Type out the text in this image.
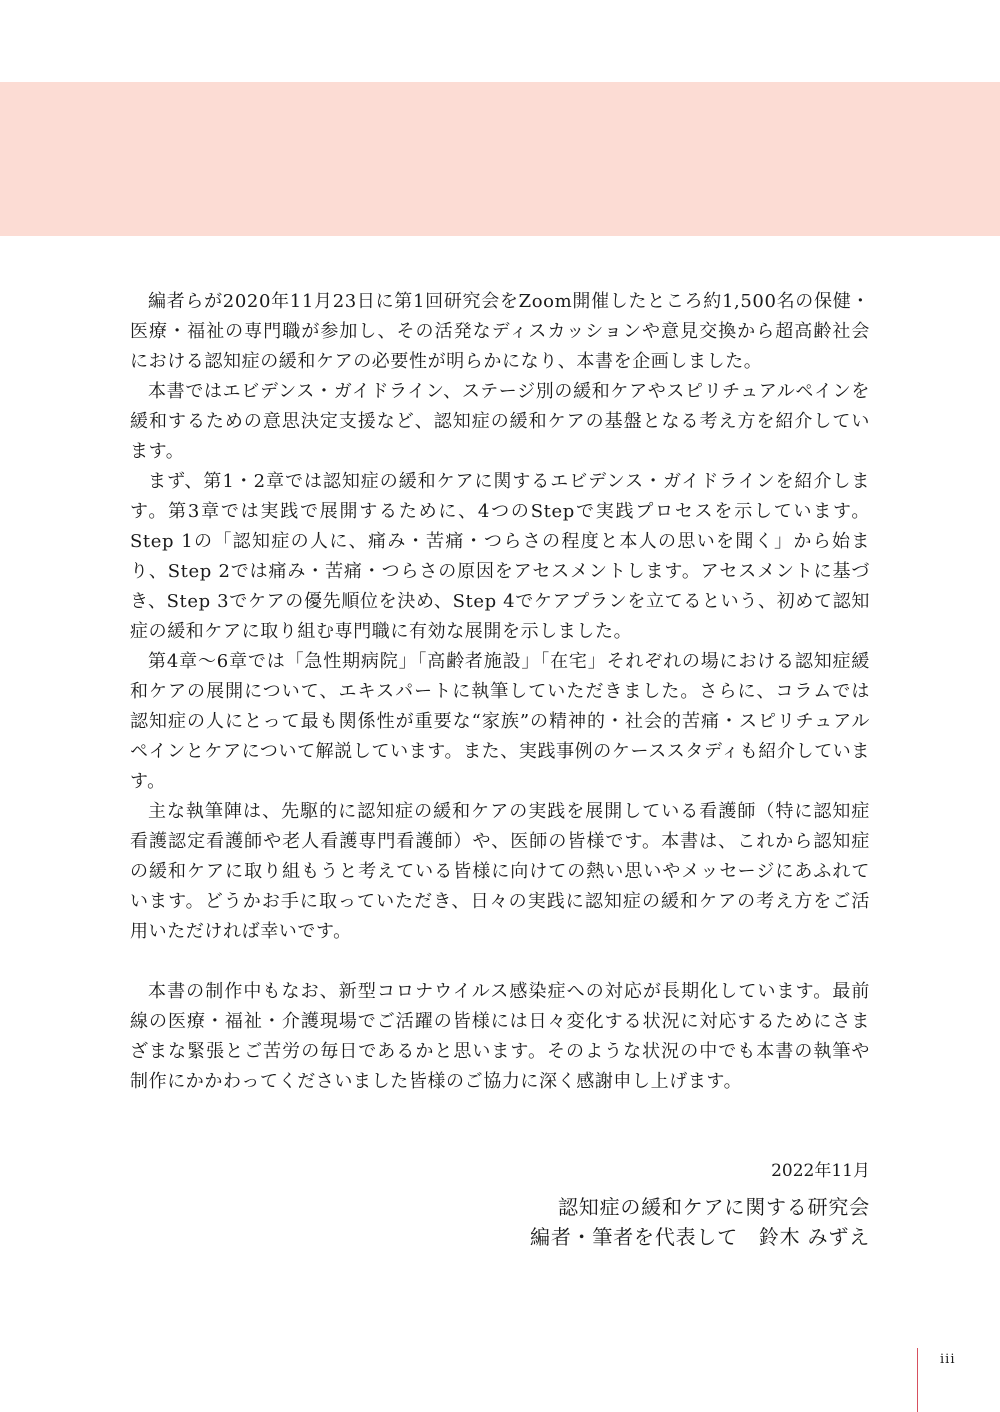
編者らが2020年11月23日に第1回研究会をZoom開催したところ約1,500名の保健・医療・福祉の専門職が参加し、その活発なディスカッションや意見交換から超高齢社会における認知症の緩和ケアの必要性が明らかになり、本書を企画しました。

本書ではエビデンス・ガイドライン、ステージ別の緩和ケアやスピリチュアルペインを緩和するための意思決定支援など、認知症の緩和ケアの基盤となる考え方を紹介しています。

まず、第1・2章では認知症の緩和ケアに関するエビデンス・ガイドラインを紹介します。第3章では実践で展開するために、4つのStepで実践プロセスを示しています。Step 1の「認知症の人に、痛み・苦痛・つらさの程度と本人の思いを聞く」から始まり、Step 2では痛み・苦痛・つらさの原因をアセスメントします。アセスメントに基づき、Step 3でケアの優先順位を決め、Step 4でケアプランを立てるという、初めて認知症の緩和ケアに取り組む専門職に有効な展開を示しました。

第4章〜6章では「急性期病院」「高齢者施設」「在宅」それぞれの場における認知症緩和ケアの展開について、エキスパートに執筆していただきました。さらに、コラムでは認知症の人にとって最も関係性が重要な“家族”の精神的・社会的苦痛・スピリチュアルペインとケアについて解説しています。また、実践事例のケーススタディも紹介しています。

主な執筆陣は、先駆的に認知症の緩和ケアの実践を展開している看護師（特に認知症看護認定看護師や老人看護専門看護師）や、医師の皆様です。本書は、これから認知症の緩和ケアに取り組もうと考えている皆様に向けての熱い思いやメッセージにあふれています。どうかお手に取っていただき、日々の実践に認知症の緩和ケアの考え方をご活用いただければ幸いです。

本書の制作中もなお、新型コロナウイルス感染症への対応が長期化しています。最前線の医療・福祉・介護現場でご活躍の皆様には日々変化する状況に対応するためにさまざまな緊張とご苦労の毎日であるかと思います。そのような状況の中でも本書の執筆や制作にかかわってくださいました皆様のご協力に深く感謝申し上げます。

2022年11月
認知症の緩和ケアに関する研究会
編者・筆者を代表して　鈴木 みずえ
iii
